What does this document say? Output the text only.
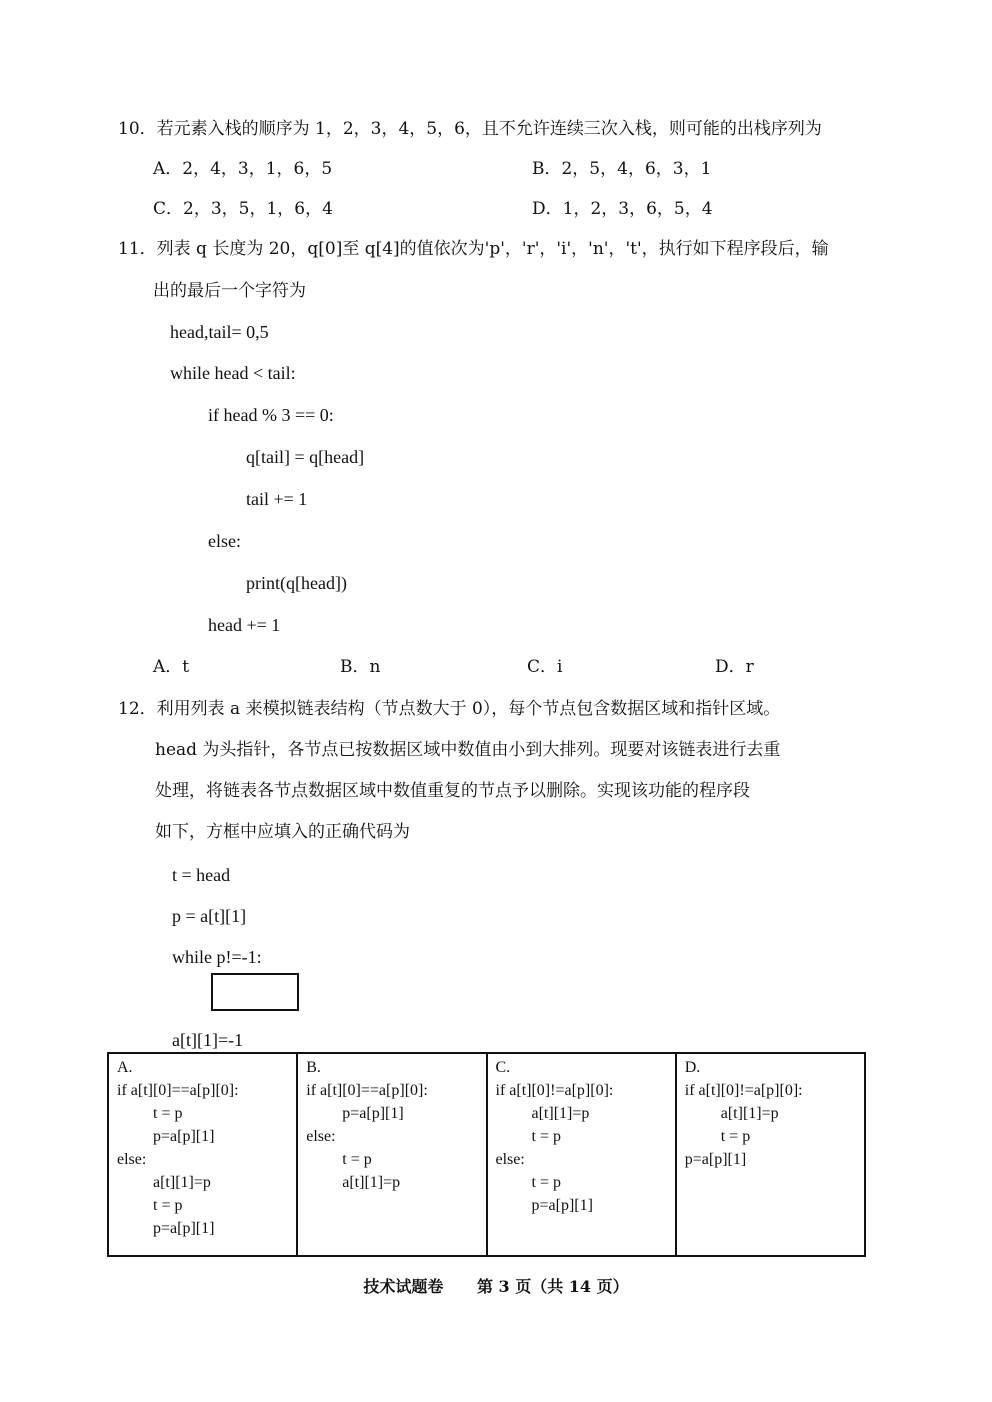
10．若元素入栈的顺序为 1，2，3，4，5，6，且不允许连续三次入栈，则可能的出栈序列为
A．2，4，3，1，6，5	B．2，5，4，6，3，1
C．2，3，5，1，6，4	D．1，2，3，6，5，4
11．列表 q 长度为 20，q[0]至 q[4]的值依次为'p'，'r'，'i'，'n'，'t'，执行如下程序段后，输
出的最后一个字符为
head,tail= 0,5
while head < tail:
if head % 3 == 0:
q[tail] = q[head]
tail += 1
else:
print(q[head])
head += 1
A．t	B．n	C．i	D．r
12．利用列表 a 来模拟链表结构（节点数大于 0），每个节点包含数据区域和指针区域。
head 为头指针，各节点已按数据区域中数值由小到大排列。现要对该链表进行去重
处理，将链表各节点数据区域中数值重复的节点予以删除。实现该功能的程序段
如下，方框中应填入的正确代码为
t = head
p = a[t][1]
while p!=-1:
a[t][1]=-1
A.
if a[t][0]==a[p][0]:
t = p
p=a[p][1]
else:
a[t][1]=p
t = p
p=a[p][1]

B.
if a[t][0]==a[p][0]:
p=a[p][1]
else:
t = p
a[t][1]=p

C.
if a[t][0]!=a[p][0]:
a[t][1]=p
t = p
else:
t = p
p=a[p][1]

D.
if a[t][0]!=a[p][0]:
a[t][1]=p
t = p
p=a[p][1]
技术试题卷 第 3 页（共 14 页）
